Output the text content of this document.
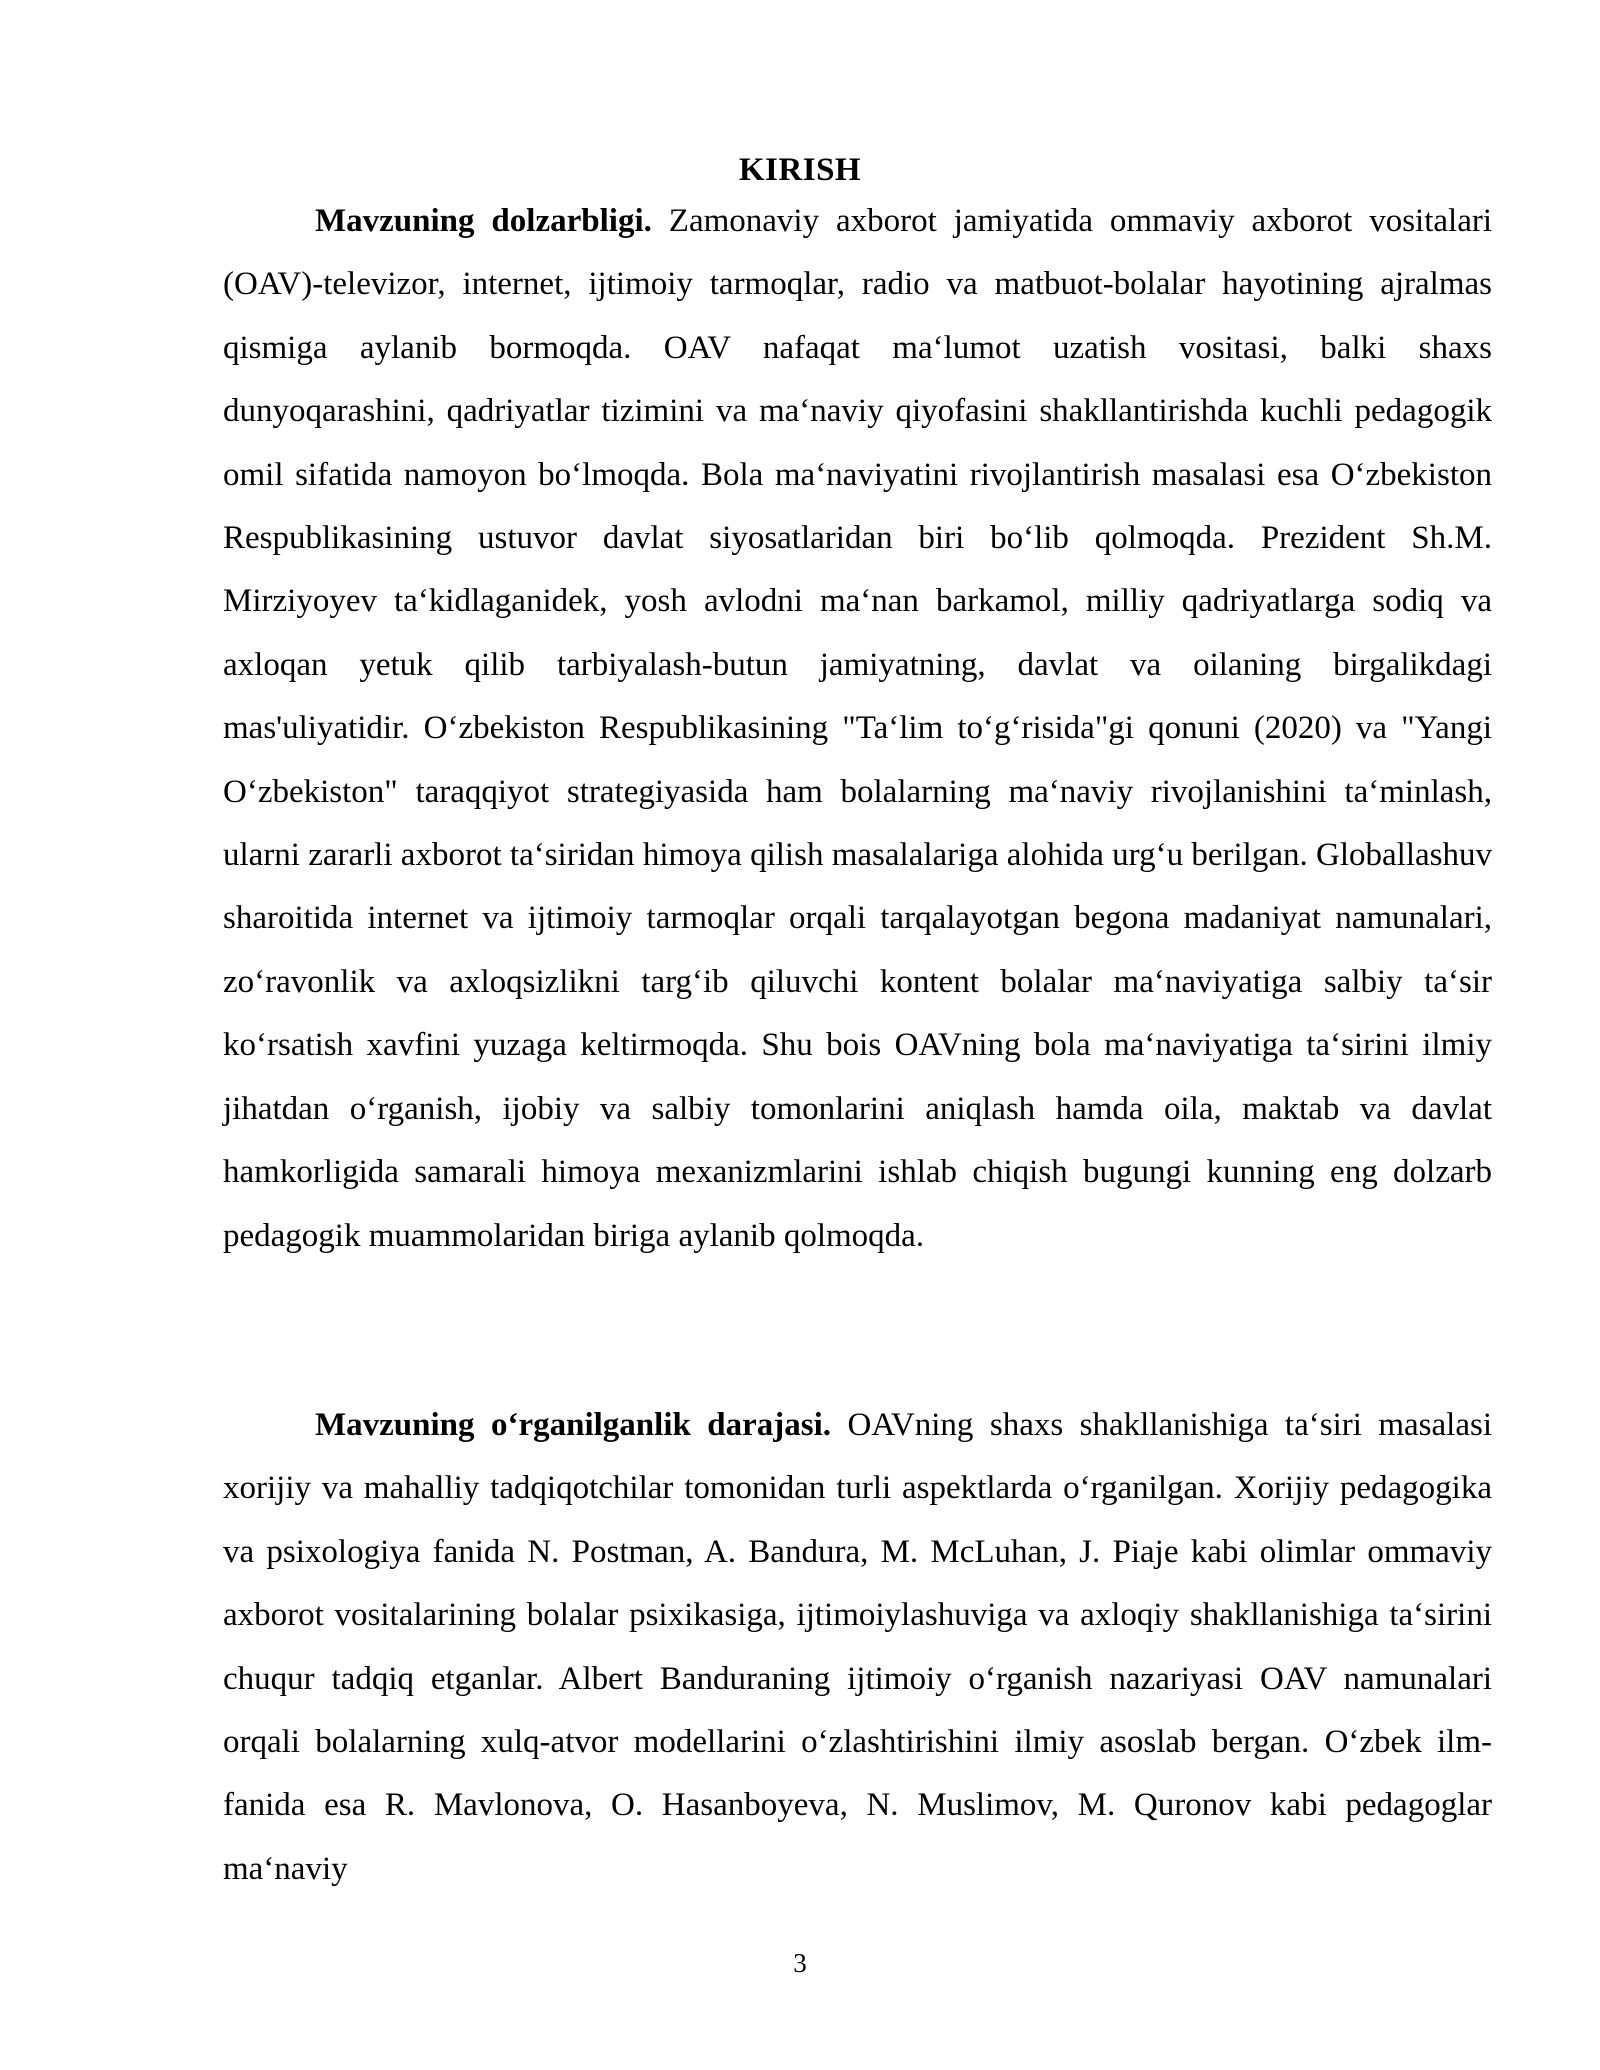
KIRISH

Mavzuning dolzarbligi. Zamonaviy axborot jamiyatida ommaviy axborot vositalari (OAV)-televizor, internet, ijtimoiy tarmoqlar, radio va matbuot-bolalar hayotining ajralmas qismiga aylanib bormoqda. OAV nafaqat ma‘lumot uzatish vositasi, balki shaxs dunyoqarashini, qadriyatlar tizimini va ma‘naviy qiyofasini shakllantirishda kuchli pedagogik omil sifatida namoyon bo‘lmoqda. Bola ma‘naviyatini rivojlantirish masalasi esa O‘zbekiston Respublikasining ustuvor davlat siyosatlaridan biri bo‘lib qolmoqda. Prezident Sh.M. Mirziyoyev ta‘kidlaganidek, yosh avlodni ma‘nan barkamol, milliy qadriyatlarga sodiq va axloqan yetuk qilib tarbiyalash-butun jamiyatning, davlat va oilaning birgalikdagi mas'uliyatidir. O‘zbekiston Respublikasining "Ta‘lim to‘g‘risida"gi qonuni (2020) va "Yangi O‘zbekiston" taraqqiyot strategiyasida ham bolalarning ma‘naviy rivojlanishini ta‘minlash, ularni zararli axborot ta‘siridan himoya qilish masalalariga alohida urg‘u berilgan. Globallashuv sharoitida internet va ijtimoiy tarmoqlar orqali tarqalayotgan begona madaniyat namunalari, zo‘ravonlik va axloqsizlikni targ‘ib qiluvchi kontent bolalar ma‘naviyatiga salbiy ta‘sir ko‘rsatish xavfini yuzaga keltirmoqda. Shu bois OAVning bola ma‘naviyatiga ta‘sirini ilmiy jihatdan o‘rganish, ijobiy va salbiy tomonlarini aniqlash hamda oila, maktab va davlat hamkorligida samarali himoya mexanizmlarini ishlab chiqish bugungi kunning eng dolzarb pedagogik muammolaridan biriga aylanib qolmoqda.

Mavzuning o‘rganilganlik darajasi. OAVning shaxs shakllanishiga ta‘siri masalasi xorijiy va mahalliy tadqiqotchilar tomonidan turli aspektlarda o‘rganilgan. Xorijiy pedagogika va psixologiya fanida N. Postman, A. Bandura, M. McLuhan, J. Piaje kabi olimlar ommaviy axborot vositalarining bolalar psixikasiga, ijtimoiylashuviga va axloqiy shakllanishiga ta‘sirini chuqur tadqiq etganlar. Albert Banduraning ijtimoiy o‘rganish nazariyasi OAV namunalari orqali bolalarning xulq-atvor modellarini o‘zlashtirishini ilmiy asoslab bergan. O‘zbek ilm-fanida esa R. Mavlonova, O. Hasanboyeva, N. Muslimov, M. Quronov kabi pedagoglar ma‘naviy

3
